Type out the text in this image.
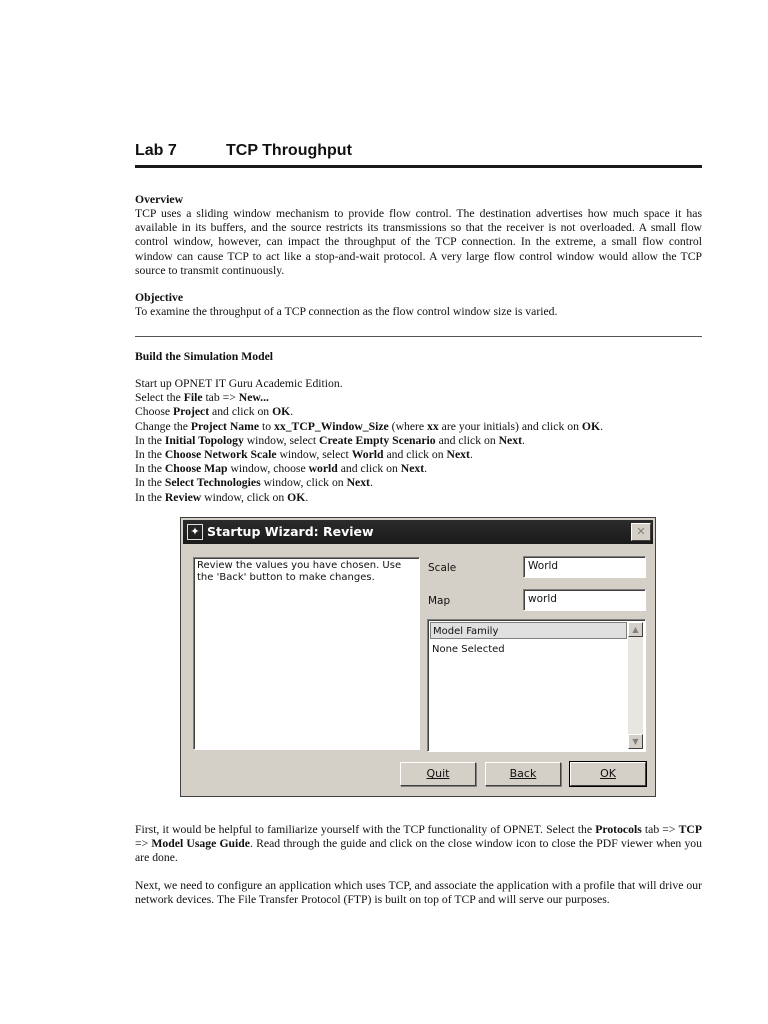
Lab 7	TCP Throughput
Overview

TCP uses a sliding window mechanism to provide flow control. The destination advertises how much space it has available in its buffers, and the source restricts its transmissions so that the receiver is not overloaded. A small flow control window, however, can impact the throughput of the TCP connection. In the extreme, a small flow control window can cause TCP to act like a stop-and-wait protocol. A very large flow control window would allow the TCP source to transmit continuously.

Objective

To examine the throughput of a TCP connection as the flow control window size is varied.

Build the Simulation Model
Start up OPNET IT Guru Academic Edition.
Select the File tab => New...
Choose Project and click on OK.
Change the Project Name to xx_TCP_Window_Size (where xx are your initials) and click on OK.
In the Initial Topology window, select Create Empty Scenario and click on Next.
In the Choose Network Scale window, select World and click on Next.
In the Choose Map window, choose world and click on Next.
In the Select Technologies window, click on Next.
In the Review window, click on OK.
✦ Startup Wizard: Review	✕
Review the values you have chosen. Use the 'Back' button to make changes.
Scale	World
Map	world
Model Family
None Selected
▲
▼
Quit	Back	OK

First, it would be helpful to familiarize yourself with the TCP functionality of OPNET. Select the Protocols tab => TCP => Model Usage Guide. Read through the guide and click on the close window icon to close the PDF viewer when you are done.

Next, we need to configure an application which uses TCP, and associate the application with a profile that will drive our network devices. The File Transfer Protocol (FTP) is built on top of TCP and will serve our purposes.
